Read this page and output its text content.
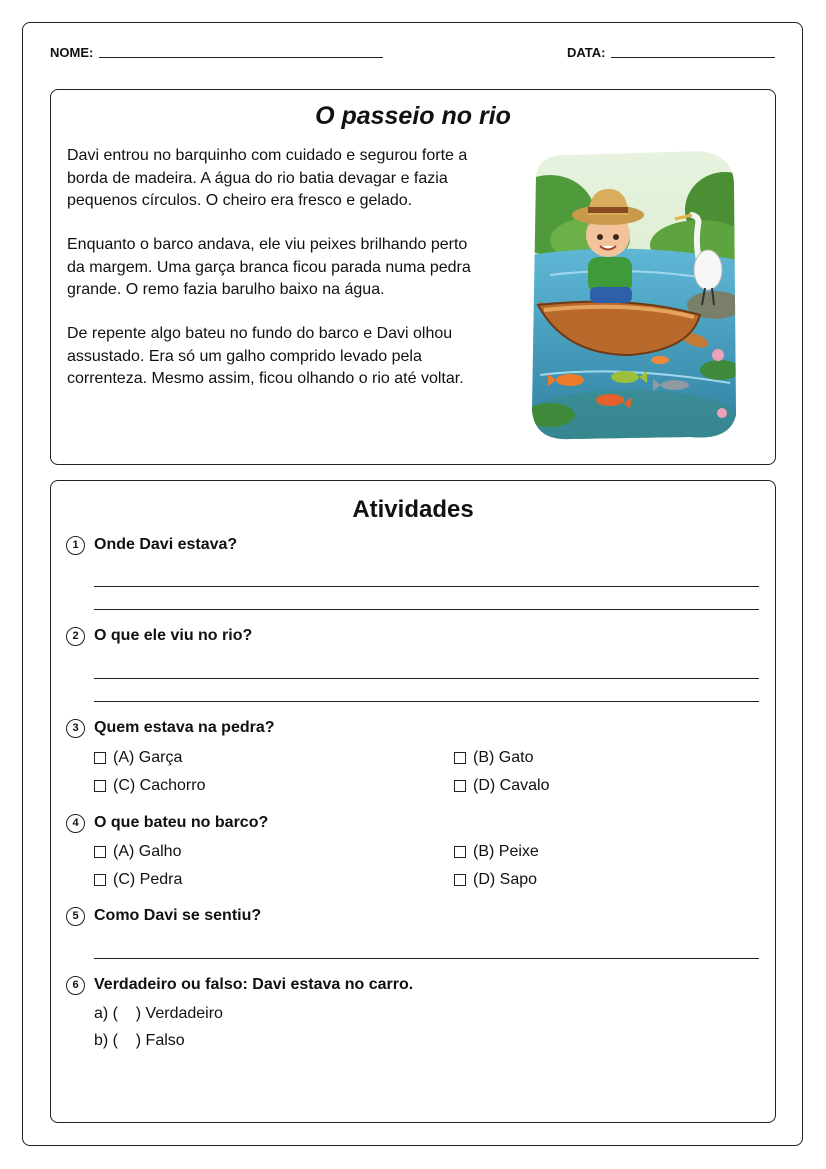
NOME:	DATA:
O passeio no rio
Davi entrou no barquinho com cuidado e segurou forte a
borda de madeira. A água do rio batia devagar e fazia
pequenos círculos. O cheiro era fresco e gelado.
Enquanto o barco andava, ele viu peixes brilhando perto
da margem. Uma garça branca ficou parada numa pedra
grande. O remo fazia barulho baixo na água.
De repente algo bateu no fundo do barco e Davi olhou
assustado. Era só um galho comprido levado pela
correnteza. Mesmo assim, ficou olhando o rio até voltar.
Atividades
1 Onde Davi estava?
2 O que ele viu no rio?
3 Quem estava na pedra?
(A) Garça	(B) Gato
(C) Cachorro	(D) Cavalo
4 O que bateu no barco?
(A) Galho	(B) Peixe
(C) Pedra	(D) Sapo
5 Como Davi se sentiu?
6 Verdadeiro ou falso: Davi estava no carro.
a) (    ) Verdadeiro
b) (    ) Falso
